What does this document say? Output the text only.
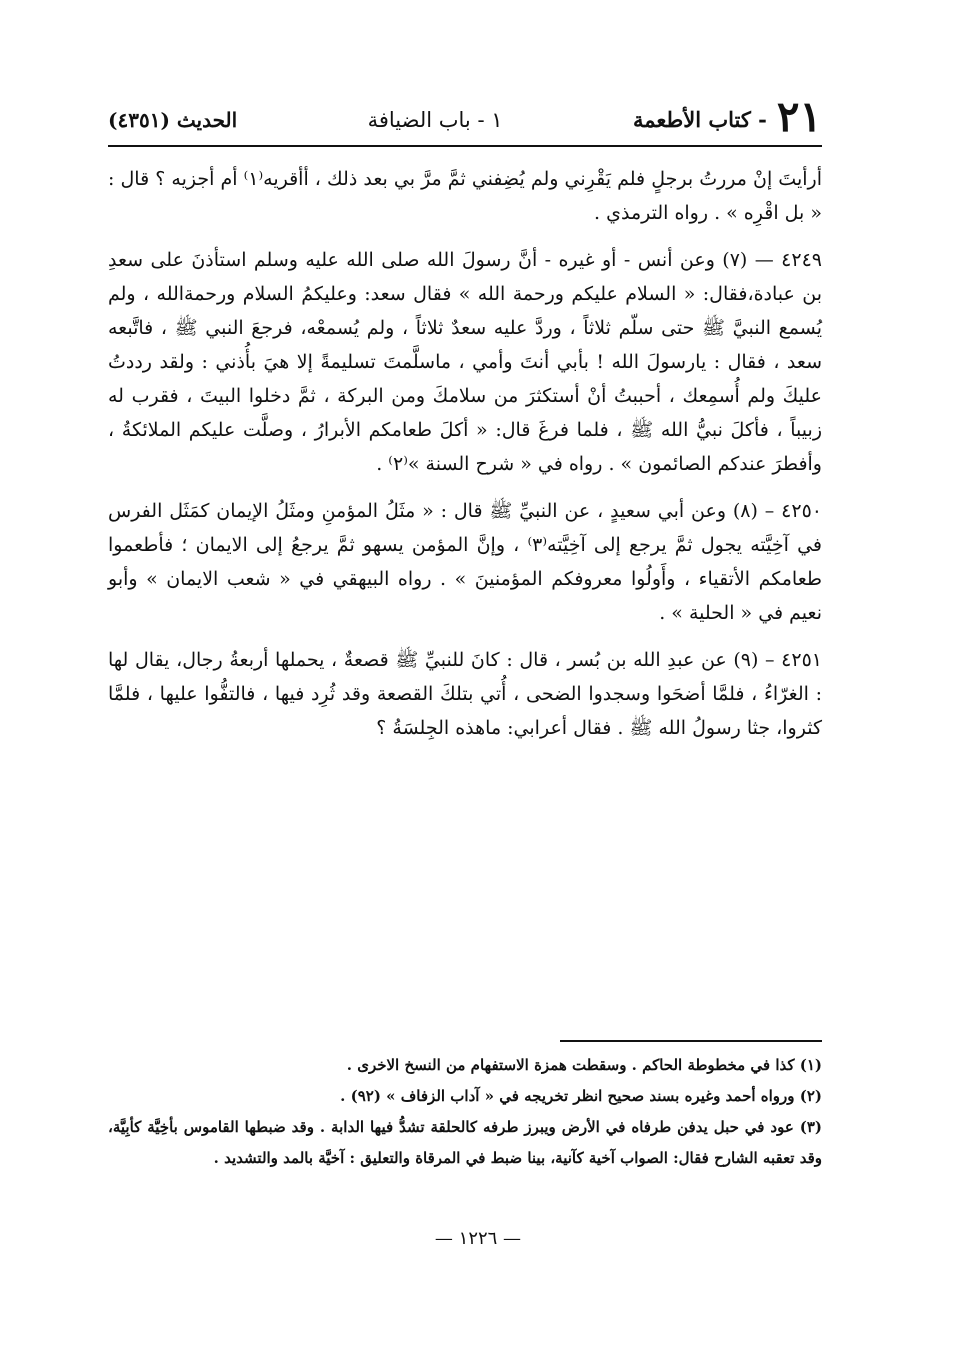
٢١
- كتاب الأطعمة
١ - باب الضيافة
الحديث (٤٣٥١)

أرأيتَ إنْ مررتُ برجلٍ فلم يَقْرِني ولم يُضِفني ثمَّ مرَّ بي بعد ذلك ، أأقريه⁽١⁾ أم أجزيه ؟ قال : « بل اقْرِه » . رواه الترمذي .

٤٢٤٩ — (٧) وعن أنس - أو غيره - أنَّ رسولَ الله صلى الله عليه وسلم استأذنَ على سعدِ بن عبادة،فقال: « السلام عليكم ورحمة الله » فقال سعد: وعليكمُ السلام ورحمةالله ، ولم يُسمع النبيَّ ﷺ حتى سلّم ثلاثاً ، وردَّ عليه سعدٌ ثلاثاً ، ولم يُسمعْه، فرجعَ النبي ﷺ ، فاتَّبعه سعد ، فقال : يارسولَ الله ! بأبي أنتَ وأمي ، ماسلَّمتَ تسليمةً إلا هيَ بأُذني : ولقد رددتُ عليكَ ولم أُسمِعك ، أحببتُ أنْ أستكثرَ من سلامكَ ومن البركة ، ثمَّ دخلوا البيتَ ، فقرب له زبيباً ، فأكلَ نبيُّ الله ﷺ ، فلما فرغَ قال: « أكلَ طعامكم الأبرارُ ، وصلَّت عليكم الملائكةُ ، وأفطرَ عندكم الصائمون » . رواه في « شرح السنة »⁽٢⁾ .

٤٢٥٠ – (٨) وعن أبي سعيدٍ ، عن النبيِّ ﷺ قال : « مثَلُ المؤمنِ ومثَلُ الإيمان كمَثَل الفرس في آخِيَّته يجول ثمَّ يرجع إلى آخِيَّته⁽٣⁾ ، وإنَّ المؤمن يسهو ثمَّ يرجعُ إلى الايمان ؛ فأطعموا طعامكم الأتقياء ، وأَولُوا معروفكم المؤمنينَ » . رواه البيهقي في « شعب الايمان » وأبو نعيم في « الحلية » .

٤٢٥١ – (٩) عن عبدِ الله بن بُسر ، قال : كانَ للنبيِّ ﷺ قصعةٌ ، يحملها أربعةُ رجال، يقال لها : الغرّاءُ ، فلمَّا أضحَوا وسجدوا الضحى ، أُتي بتلكَ القصعة وقد ثُرِد فيها ، فالتفُّوا عليها ، فلمَّا كثروا، جثا رسولُ الله ﷺ . فقال أعرابي: ماهذه الجِلسَةُ ؟

(١) كذا في مخطوطة الحاكم . وسقطت همزة الاستفهام من النسخ الاخرى .

(٢) ورواه أحمد وغيره بسند صحيح انظر تخريجه في « آداب الزفاف » (٩٢) .

(٣) عود في حبل يدفن طرفاه في الأرض ويبرز طرفه كالحلقة تشدُّ فيها الدابة . وقد ضبطها القاموس بأخِيَّة كأبِيَّة، وقد تعقبه الشارح فقال: الصواب آخية كآنية، بينا ضبط في المرقاة والتعليق : آخيَّة بالمد والتشديد .

— ١٢٢٦ —
